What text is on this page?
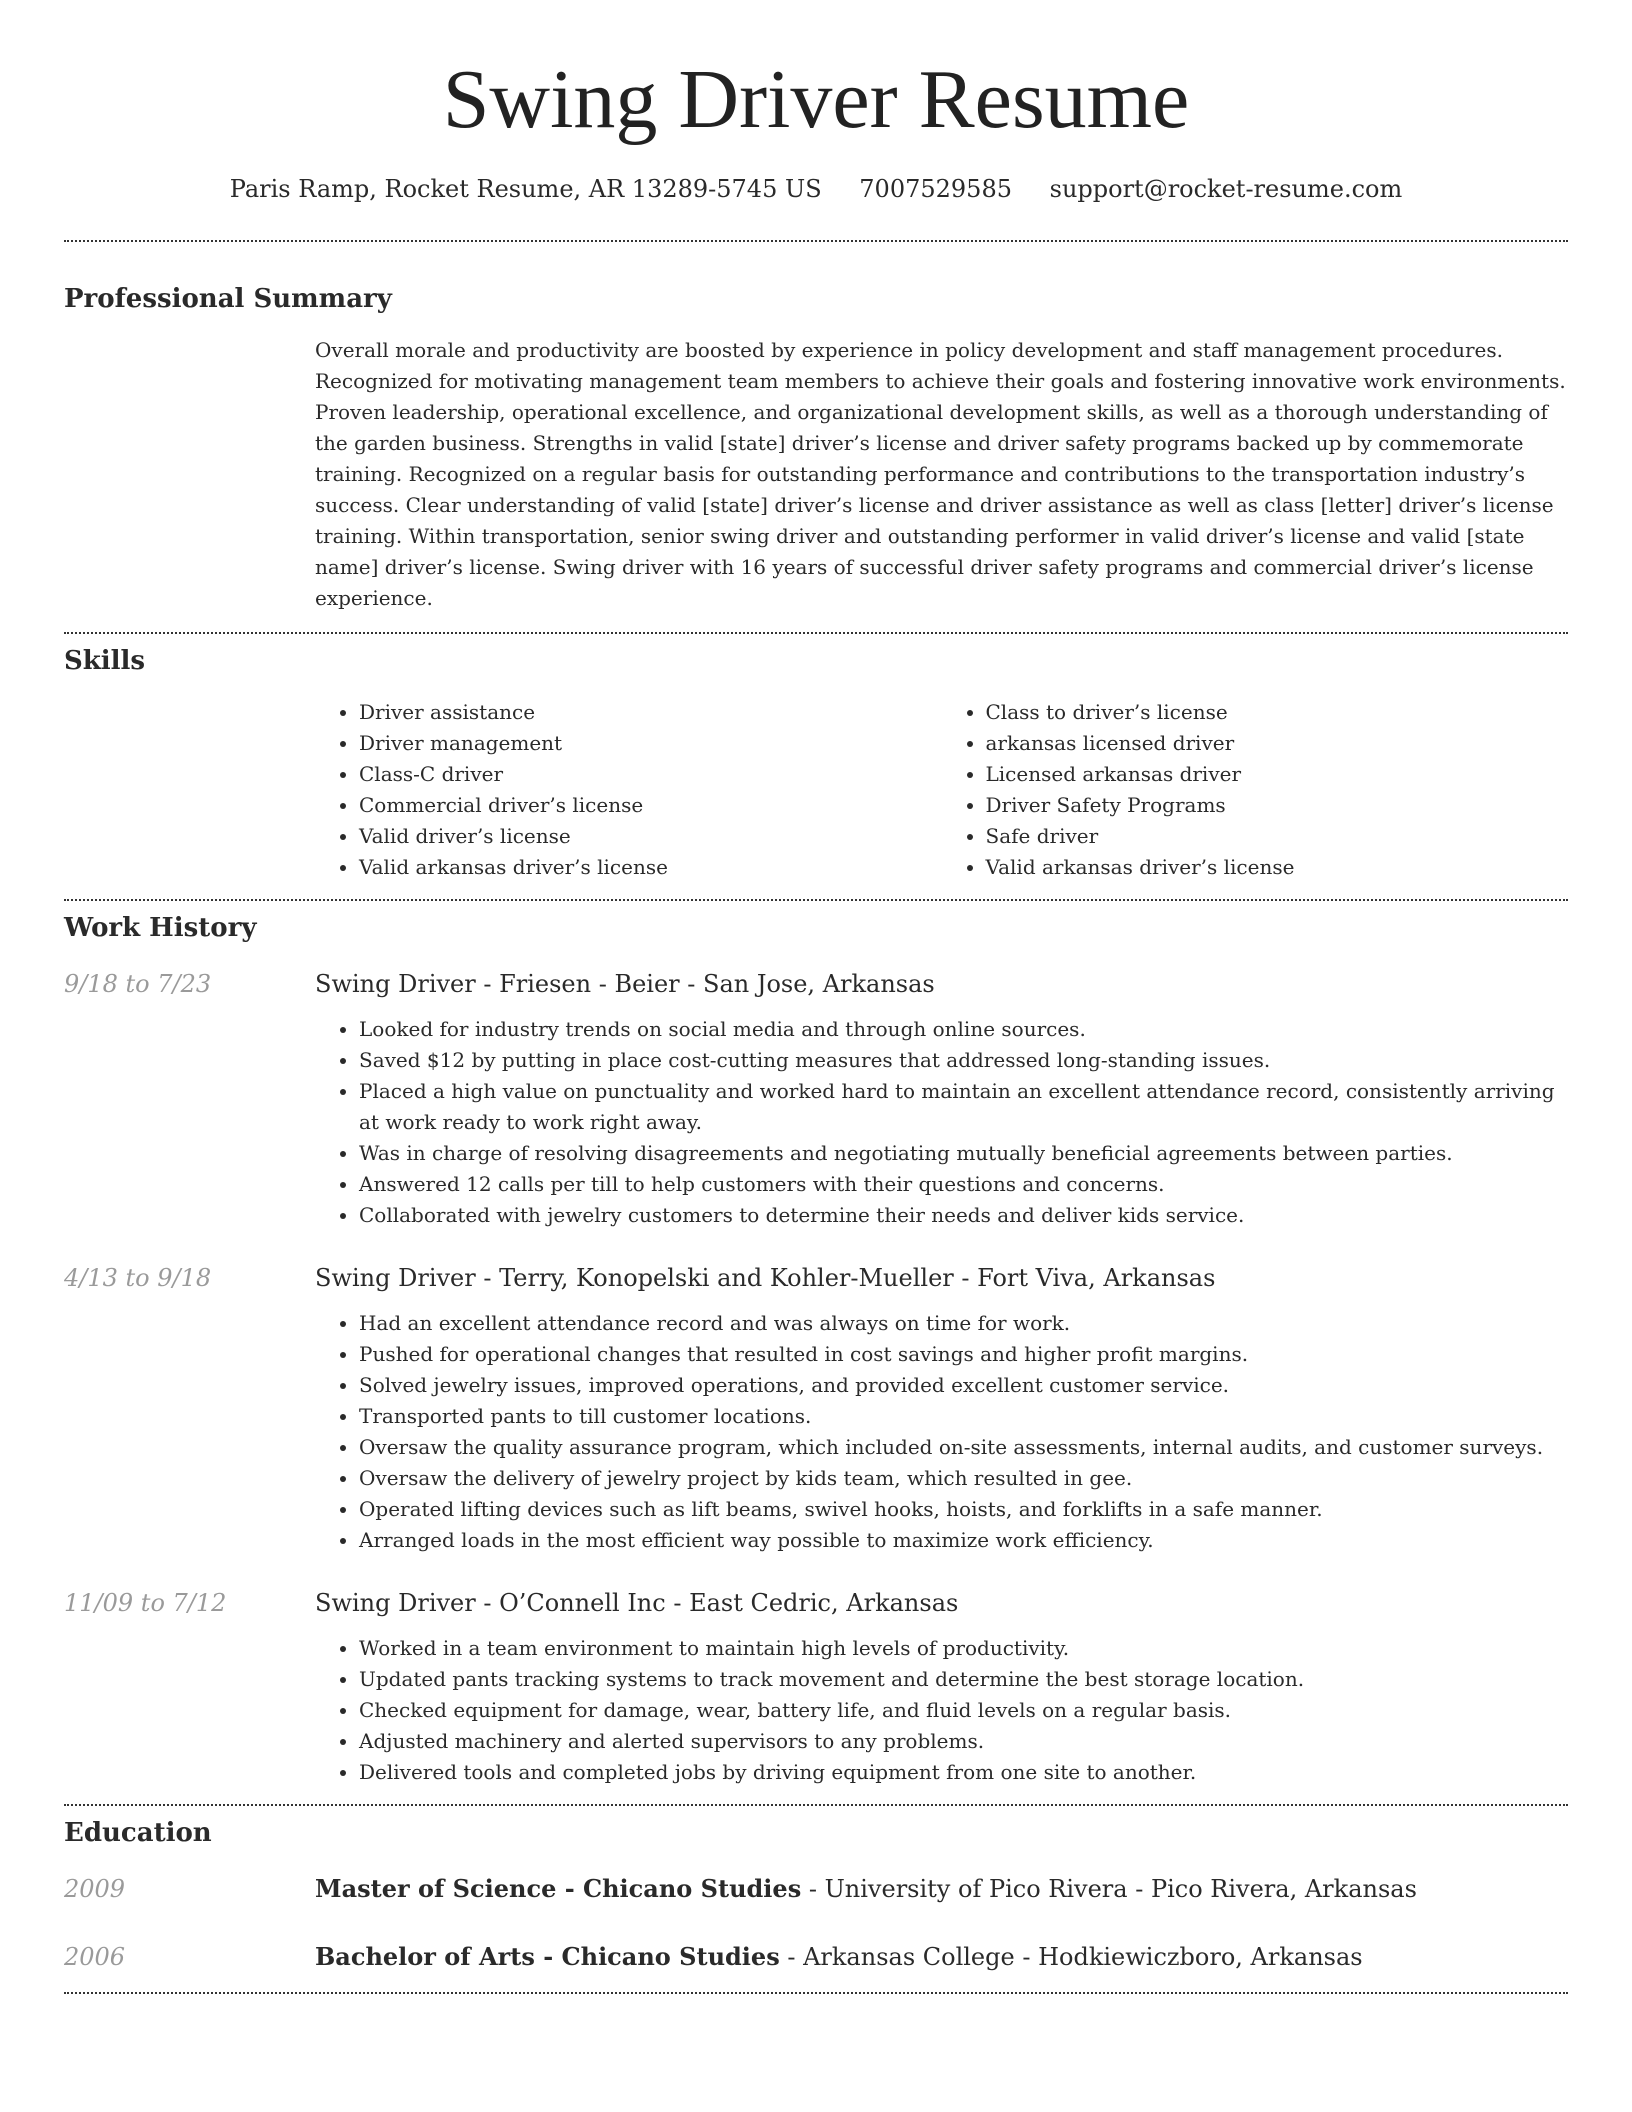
Swing Driver Resume
Paris Ramp, Rocket Resume, AR 13289-5745 US 7007529585 support@rocket-resume.com
Professional Summary

Overall morale and productivity are boosted by experience in policy development and staff management procedures. Recognized for motivating management team members to achieve their goals and fostering innovative work environments. Proven leadership, operational excellence, and organizational development skills, as well as a thorough understanding of the garden business. Strengths in valid [state] driver’s license and driver safety programs backed up by commemorate training. Recognized on a regular basis for outstanding performance and contributions to the transportation industry’s success. Clear understanding of valid [state] driver’s license and driver assistance as well as class [letter] driver’s license training. Within transportation, senior swing driver and outstanding performer in valid driver’s license and valid [state name] driver’s license. Swing driver with 16 years of successful driver safety programs and commercial driver’s license experience.

Skills
• Driver assistance
• Driver management
• Class-C driver
• Commercial driver’s license
• Valid driver’s license
• Valid arkansas driver’s license
• Class to driver’s license
• arkansas licensed driver
• Licensed arkansas driver
• Driver Safety Programs
• Safe driver
• Valid arkansas driver’s license
Work History
9/18 to 7/23	Swing Driver - Friesen - Beier - San Jose, Arkansas
• Looked for industry trends on social media and through online sources.
• Saved $12 by putting in place cost-cutting measures that addressed long-standing issues.
• Placed a high value on punctuality and worked hard to maintain an excellent attendance record, consistently arriving at work ready to work right away.
• Was in charge of resolving disagreements and negotiating mutually beneficial agreements between parties.
• Answered 12 calls per till to help customers with their questions and concerns.
• Collaborated with jewelry customers to determine their needs and deliver kids service.
4/13 to 9/18	Swing Driver - Terry, Konopelski and Kohler-Mueller - Fort Viva, Arkansas
• Had an excellent attendance record and was always on time for work.
• Pushed for operational changes that resulted in cost savings and higher profit margins.
• Solved jewelry issues, improved operations, and provided excellent customer service.
• Transported pants to till customer locations.
• Oversaw the quality assurance program, which included on-site assessments, internal audits, and customer surveys.
• Oversaw the delivery of jewelry project by kids team, which resulted in gee.
• Operated lifting devices such as lift beams, swivel hooks, hoists, and forklifts in a safe manner.
• Arranged loads in the most efficient way possible to maximize work efficiency.
11/09 to 7/12	Swing Driver - O’Connell Inc - East Cedric, Arkansas
• Worked in a team environment to maintain high levels of productivity.
• Updated pants tracking systems to track movement and determine the best storage location.
• Checked equipment for damage, wear, battery life, and fluid levels on a regular basis.
• Adjusted machinery and alerted supervisors to any problems.
• Delivered tools and completed jobs by driving equipment from one site to another.
Education
2009	Master of Science - Chicano Studies - University of Pico Rivera - Pico Rivera, Arkansas
2006	Bachelor of Arts - Chicano Studies - Arkansas College - Hodkiewiczboro, Arkansas
